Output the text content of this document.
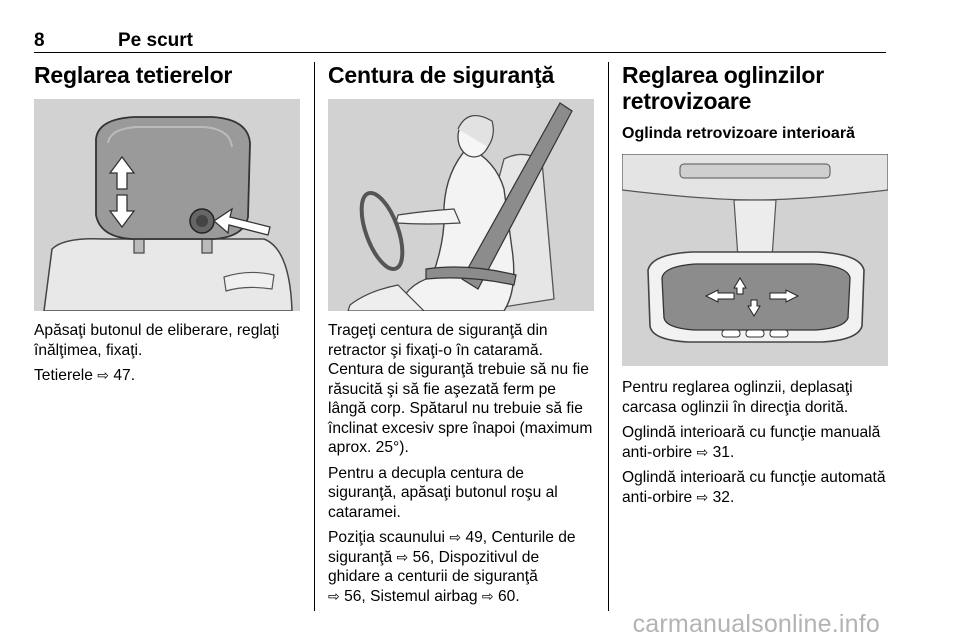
8	Pe scurt
Reglarea tetierelor

Apăsaţi butonul de eliberare, reglaţi înălţimea, fixaţi.

Tetierele ⇨ 47.

Centura de siguranţă

Trageţi centura de siguranţă din retractor şi fixaţi-o în cataramă. Centura de siguranţă trebuie să nu fie răsucită şi să fie aşezată ferm pe lângă corp. Spătarul nu trebuie să fie înclinat excesiv spre înapoi (maximum aprox. 25°).

Pentru a decupla centura de siguranţă, apăsaţi butonul roşu al cataramei.

Poziţia scaunului ⇨ 49, Centurile de siguranţă ⇨ 56, Dispozitivul de ghidare a centurii de siguranţă
⇨ 56, Sistemul airbag ⇨ 60.

Reglarea oglinzilor retrovizoare
Oglinda retrovizoare interioară

Pentru reglarea oglinzii, deplasaţi carcasa oglinzii în direcţia dorită.

Oglindă interioară cu funcţie manuală anti-orbire ⇨ 31.

Oglindă interioară cu funcţie automată anti-orbire ⇨ 32.

carmanualsonline.info
